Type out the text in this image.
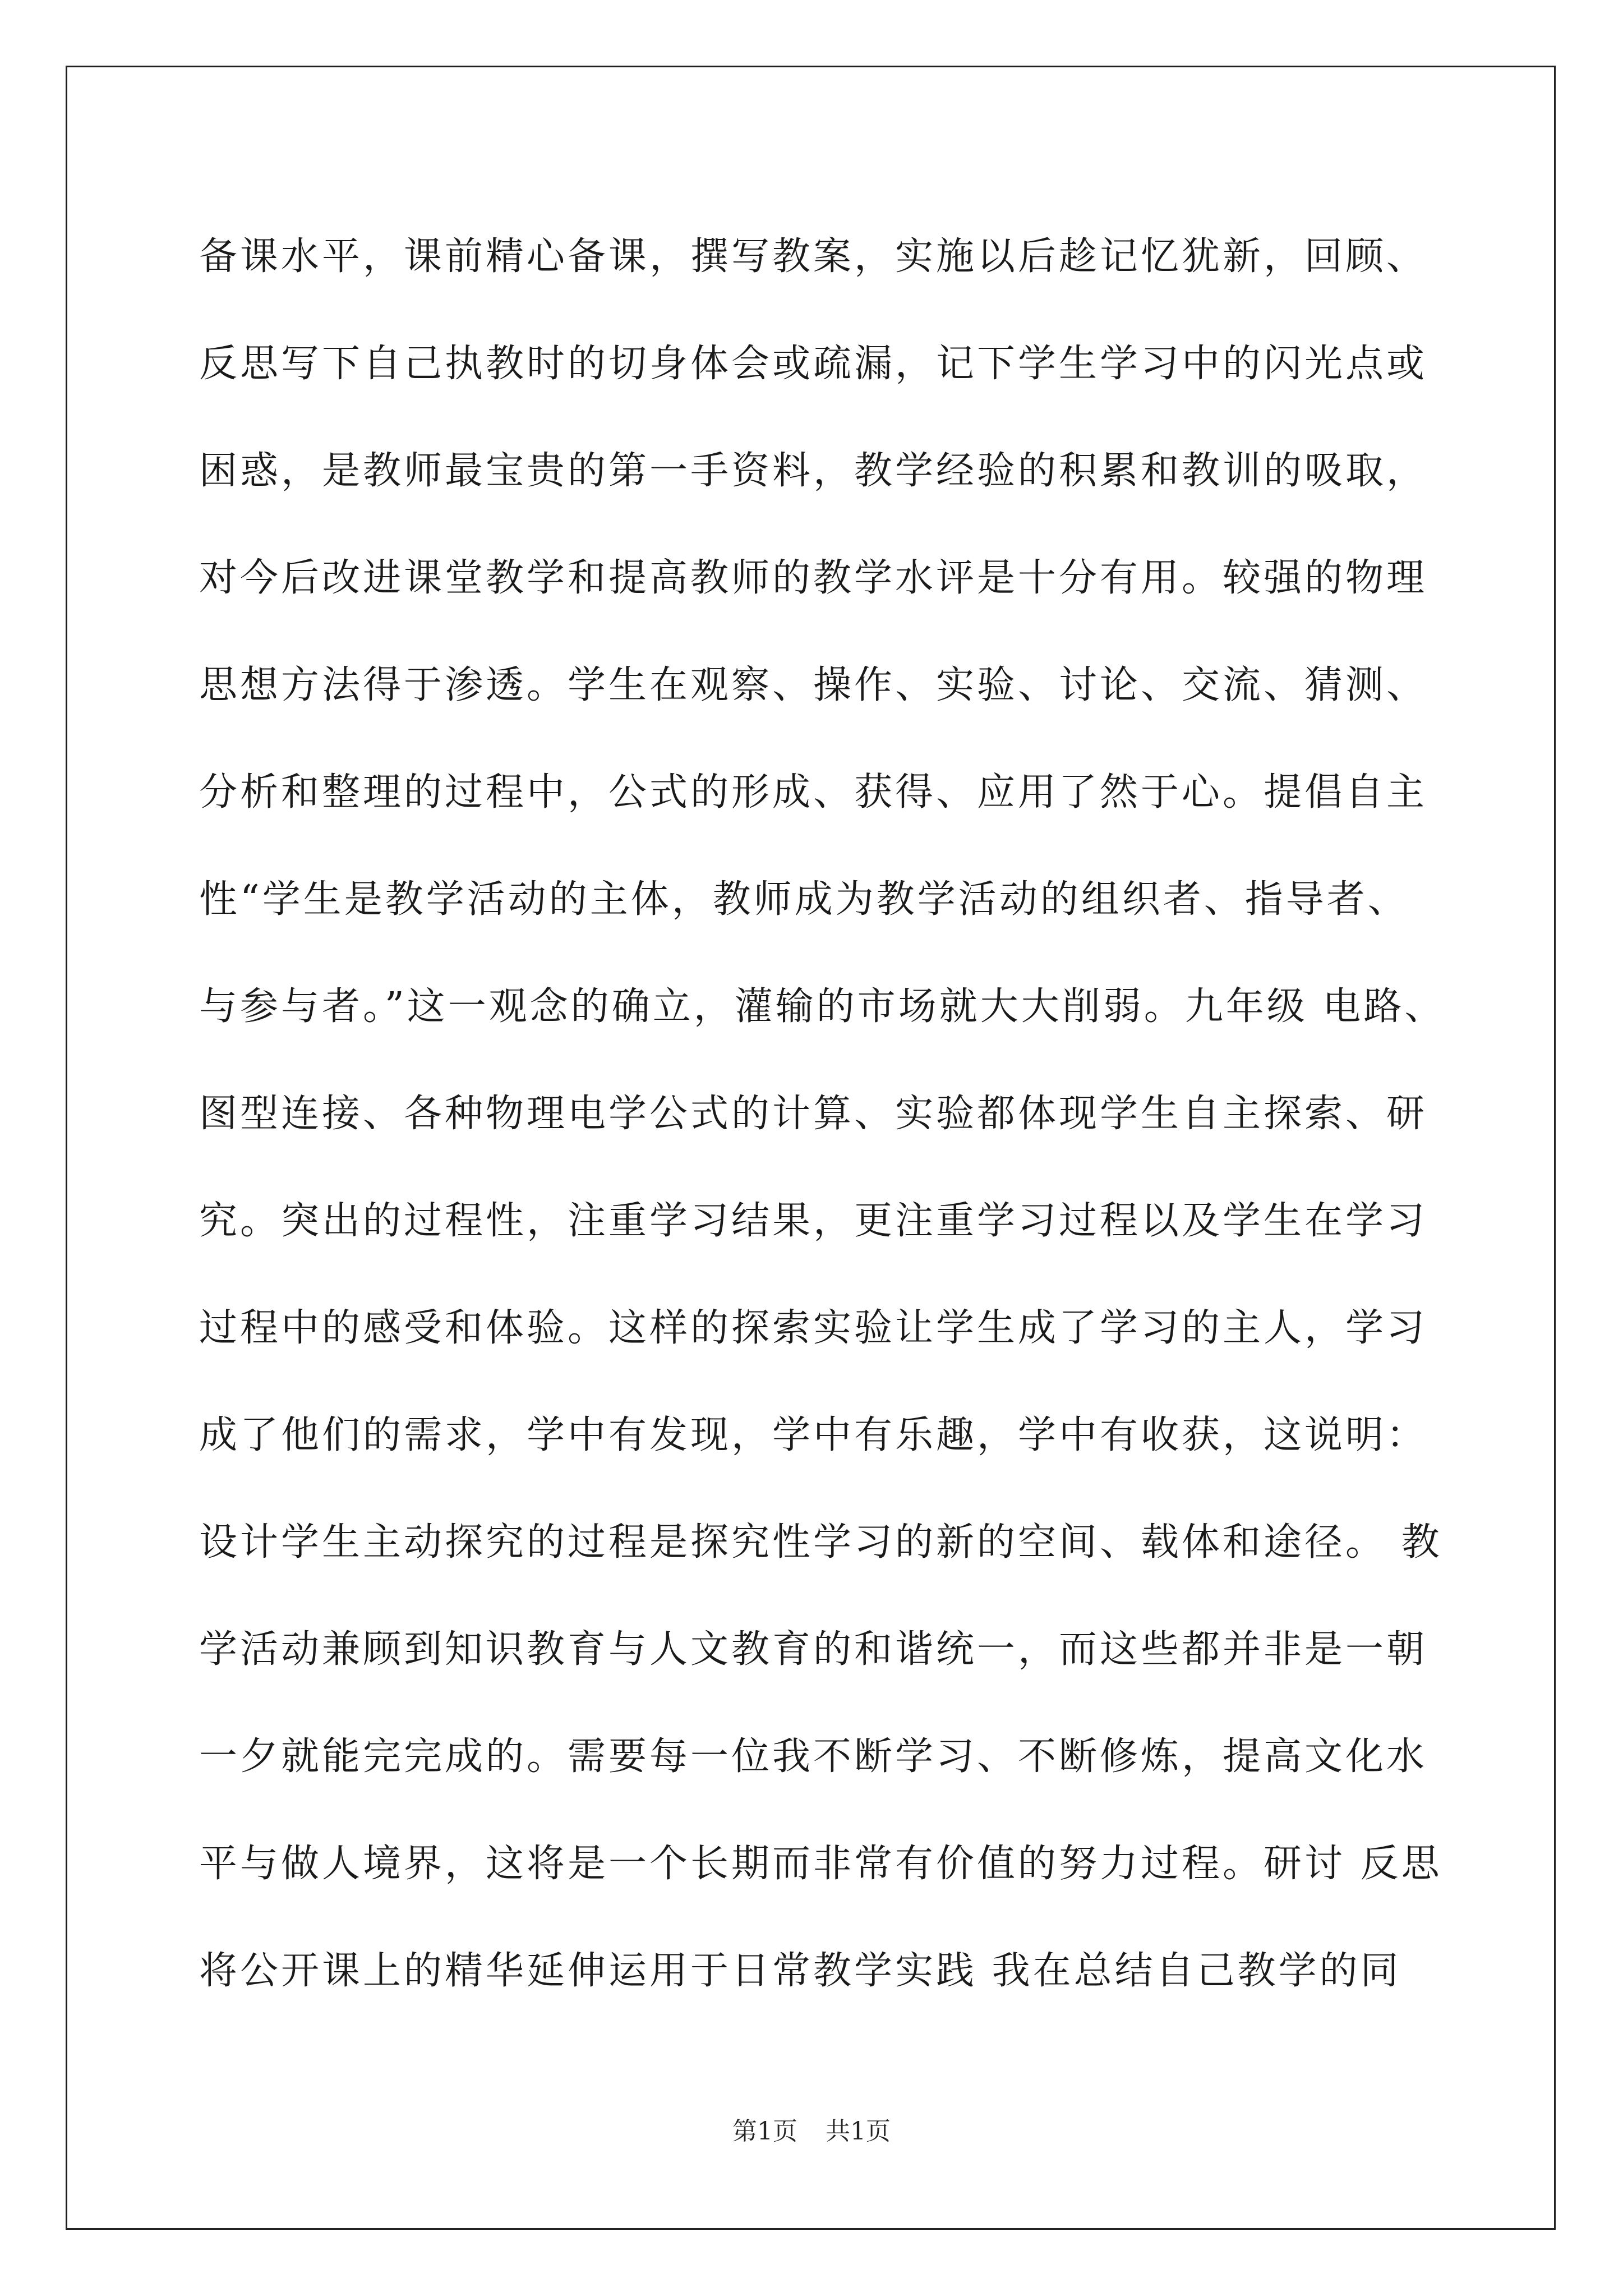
备课水平，课前精心备课，撰写教案，实施以后趁记忆犹新，回顾、
反思写下自己执教时的切身体会或疏漏，记下学生学习中的闪光点或
困惑，是教师最宝贵的第一手资料，教学经验的积累和教训的吸取，
对今后改进课堂教学和提高教师的教学水评是十分有用。较强的物理
思想方法得于渗透。学生在观察、操作、实验、讨论、交流、猜测、
分析和整理的过程中，公式的形成、获得、应用了然于心。提倡自主
性“学生是教学活动的主体，教师成为教学活动的组织者、指导者、
与参与者。”这一观念的确立，灌输的市场就大大削弱。九年级 电路、
图型连接、各种物理电学公式的计算、实验都体现学生自主探索、研
究。突出的过程性，注重学习结果，更注重学习过程以及学生在学习
过程中的感受和体验。这样的探索实验让学生成了学习的主人，学习
成了他们的需求，学中有发现，学中有乐趣，学中有收获，这说明：
设计学生主动探究的过程是探究性学习的新的空间、载体和途径。 教
学活动兼顾到知识教育与人文教育的和谐统一，而这些都并非是一朝
一夕就能完完成的。需要每一位我不断学习、不断修炼，提高文化水
平与做人境界，这将是一个长期而非常有价值的努力过程。研讨 反思
将公开课上的精华延伸运用于日常教学实践 我在总结自己教学的同
第1页 共1页
